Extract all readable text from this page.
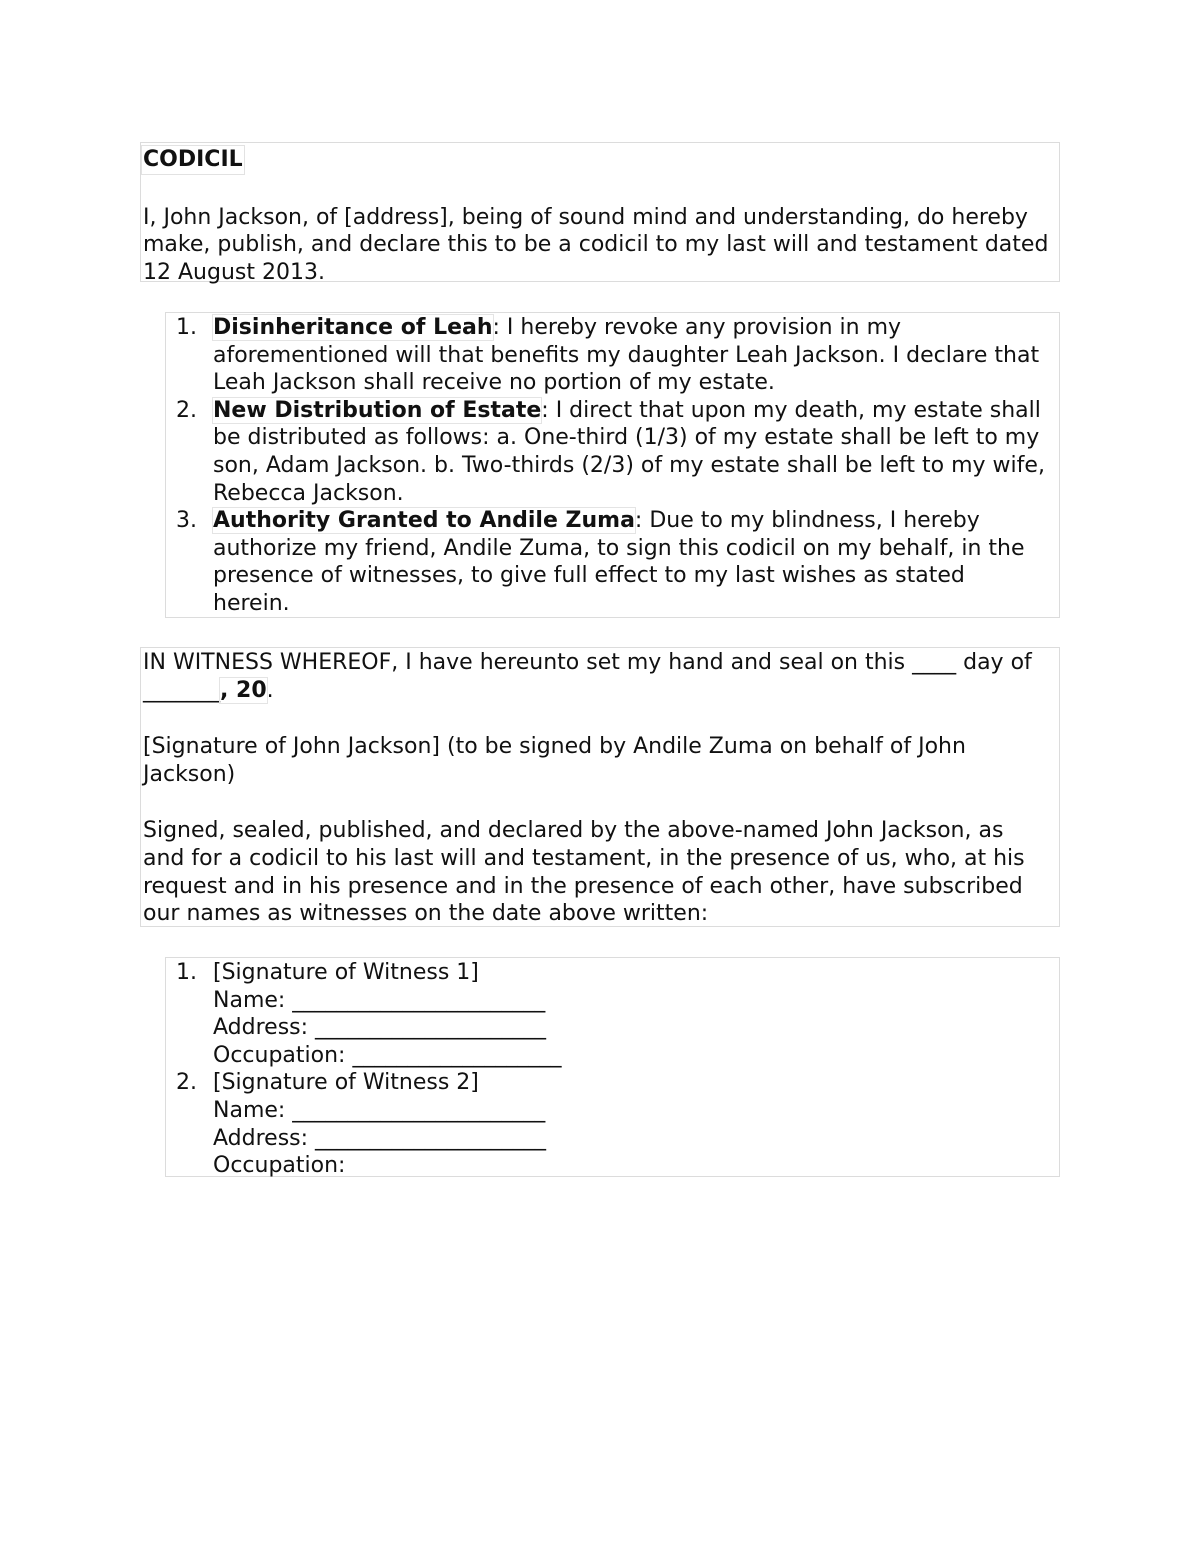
CODICIL

I, John Jackson, of [address], being of sound mind and understanding, do hereby make, publish, and declare this to be a codicil to my last will and testament dated 12 August 2013.

1. Disinheritance of Leah: I hereby revoke any provision in my aforementioned will that benefits my daughter Leah Jackson. I declare that Leah Jackson shall receive no portion of my estate.
2. New Distribution of Estate: I direct that upon my death, my estate shall be distributed as follows: a. One-third (1/3) of my estate shall be left to my son, Adam Jackson. b. Two-thirds (2/3) of my estate shall be left to my wife, Rebecca Jackson.
3. Authority Granted to Andile Zuma: Due to my blindness, I hereby authorize my friend, Andile Zuma, to sign this codicil on my behalf, in the presence of witnesses, to give full effect to my last wishes as stated herein.

IN WITNESS WHEREOF, I have hereunto set my hand and seal on this ____ day of _______, 20.

[Signature of John Jackson] (to be signed by Andile Zuma on behalf of John Jackson)

Signed, sealed, published, and declared by the above-named John Jackson, as and for a codicil to his last will and testament, in the presence of us, who, at his request and in his presence and in the presence of each other, have subscribed our names as witnesses on the date above written:

1. [Signature of Witness 1]
Name: _______________________
Address: _____________________
Occupation: ___________________
2. [Signature of Witness 2]
Name: _______________________
Address: _____________________
Occupation:
